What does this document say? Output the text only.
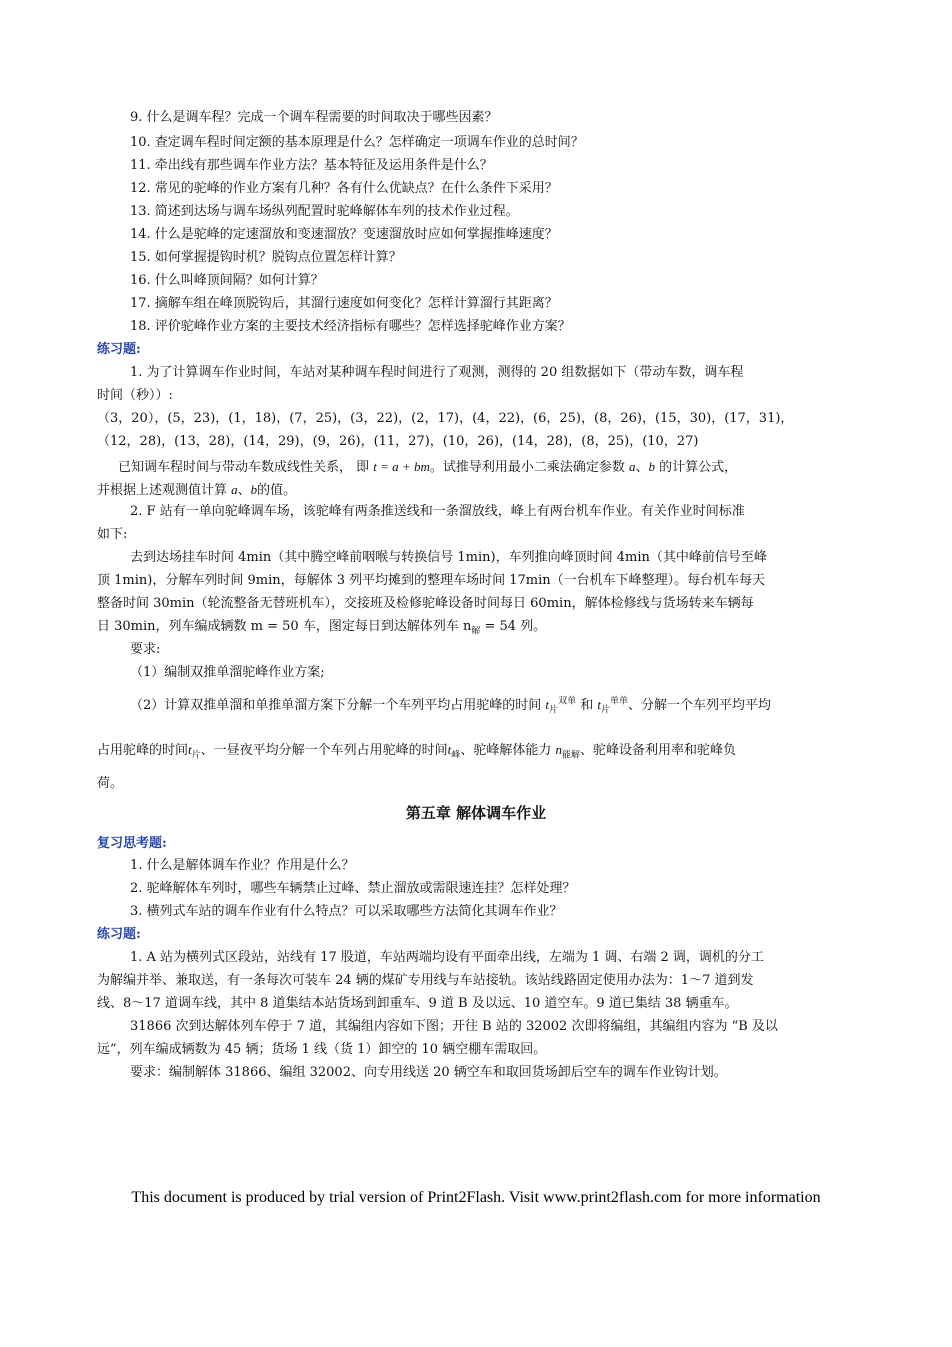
9. 什么是调车程？完成一个调车程需要的时间取决于哪些因素？
10. 查定调车程时间定额的基本原理是什么？怎样确定一项调车作业的总时间？
11. 牵出线有那些调车作业方法？基本特征及运用条件是什么？
12. 常见的驼峰的作业方案有几种？各有什么优缺点？在什么条件下采用？
13. 简述到达场与调车场纵列配置时驼峰解体车列的技术作业过程。
14. 什么是驼峰的定速溜放和变速溜放？变速溜放时应如何掌握推峰速度？
15. 如何掌握提钩时机？脱钩点位置怎样计算？
16. 什么叫峰顶间隔？如何计算？
17. 摘解车组在峰顶脱钩后，其溜行速度如何变化？怎样计算溜行其距离？
18. 评价驼峰作业方案的主要技术经济指标有哪些？怎样选择驼峰作业方案？
练习题:
1. 为了计算调车作业时间，车站对某种调车程时间进行了观测，测得的 20 组数据如下（带动车数，调车程
时间（秒））:
（3，20），(5，23)，(1，18)，(7，25)，(3，22)，(2，17)，(4，22)，(6，25)，(8，26)，(15，30)，(17，31)，
（12，28)，(13，28)，(14，29)，(9，26)，(11，27)，(10，26)，(14，28)，(8，25)，(10，27)
已知调车程时间与带动车数成线性关系， 即 t = a + bm。试推导利用最小二乘法确定参数 a、b 的计算公式，
并根据上述观测值计算 a、b的值。
2. F 站有一单向驼峰调车场，该驼峰有两条推送线和一条溜放线，峰上有两台机车作业。有关作业时间标准
如下:
去到达场挂车时间 4min（其中腾空峰前咽喉与转换信号 1min)，车列推向峰顶时间 4min（其中峰前信号至峰
顶 1min)，分解车列时间 9min，每解体 3 列平均摊到的整理车场时间 17min（一台机车下峰整理）。每台机车每天
整备时间 30min（轮流整备无替班机车），交接班及检修驼峰设备时间每日 60min，解体检修线与货场转来车辆每
日 30min，列车编成辆数 m = 50 车，图定每日到达解体列车 $n_解 = 54$ 列。
要求:
（1）编制双推单溜驼峰作业方案;
（2）计算双推单溜和单推单溜方案下分解一个车列平均占用驼峰的时间 $t_片^{双单}$ 和 $t_片^{单单}$、分解一个车列平均平均
占用驼峰的时间$t_片$、一昼夜平均分解一个车列占用驼峰的时间$t_峰$、驼峰解体能力 $n_{能解}$、驼峰设备利用率和驼峰负
荷。
第五章 解体调车作业
复习思考题:
1. 什么是解体调车作业？作用是什么？
2. 驼峰解体车列时，哪些车辆禁止过峰、禁止溜放或需限速连挂？怎样处理？
3. 横列式车站的调车作业有什么特点？可以采取哪些方法简化其调车作业？
练习题:
1. A 站为横列式区段站，站线有 17 股道，车站两端均设有平面牵出线，左端为 1 调、右端 2 调，调机的分工
为解编并举、兼取送，有一条每次可装车 24 辆的煤矿专用线与车站接轨。该站线路固定使用办法为：1～7 道到发
线、8～17 道调车线，其中 8 道集结本站货场到卸重车、9 道 B 及以远、10 道空车。9 道已集结 38 辆重车。
31866 次到达解体列车停于 7 道，其编组内容如下图；开往 B 站的 32002 次即将编组，其编组内容为 “B 及以
远”，列车编成辆数为 45 辆；货场 1 线（货 1）卸空的 10 辆空棚车需取回。
要求：编制解体 31866、编组 32002、向专用线送 20 辆空车和取回货场卸后空车的调车作业钩计划。
This document is produced by trial version of Print2Flash. Visit www.print2flash.com for more information
